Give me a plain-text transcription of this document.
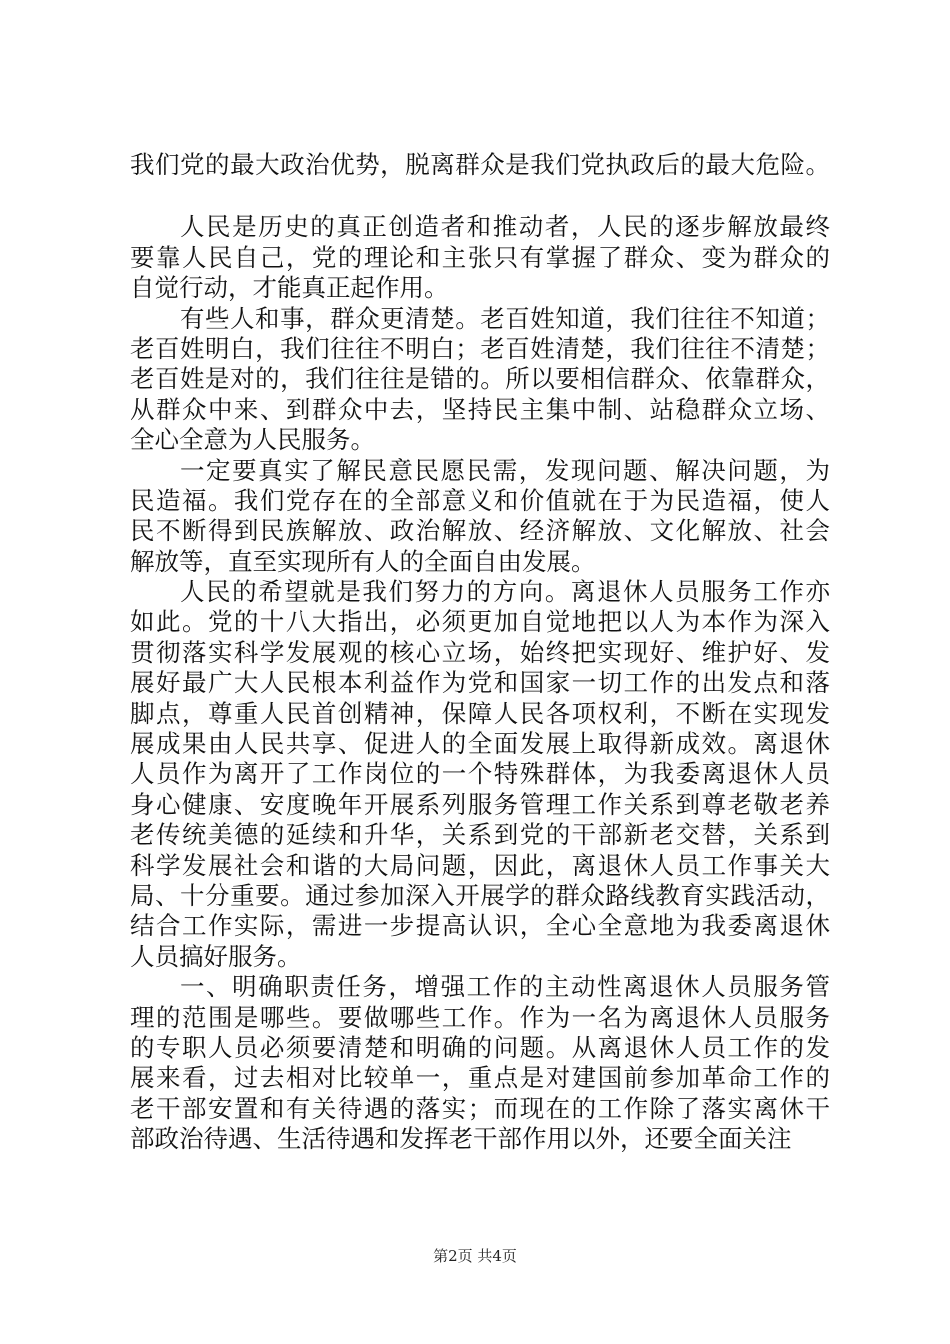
我们党的最大政治优势，脱离群众是我们党执政后的最大危险。
人民是历史的真正创造者和推动者，人民的逐步解放最终
要靠人民自己，党的理论和主张只有掌握了群众、变为群众的
自觉行动，才能真正起作用。
有些人和事，群众更清楚。老百姓知道，我们往往不知道；
老百姓明白，我们往往不明白；老百姓清楚，我们往往不清楚；
老百姓是对的，我们往往是错的。所以要相信群众、依靠群众，
从群众中来、到群众中去，坚持民主集中制、站稳群众立场、
全心全意为人民服务。
一定要真实了解民意民愿民需，发现问题、解决问题，为
民造福。我们党存在的全部意义和价值就在于为民造福，使人
民不断得到民族解放、政治解放、经济解放、文化解放、社会
解放等，直至实现所有人的全面自由发展。
人民的希望就是我们努力的方向。离退休人员服务工作亦
如此。党的十八大指出，必须更加自觉地把以人为本作为深入
贯彻落实科学发展观的核心立场，始终把实现好、维护好、发
展好最广大人民根本利益作为党和国家一切工作的出发点和落
脚点，尊重人民首创精神，保障人民各项权利，不断在实现发
展成果由人民共享、促进人的全面发展上取得新成效。离退休
人员作为离开了工作岗位的一个特殊群体，为我委离退休人员
身心健康、安度晚年开展系列服务管理工作关系到尊老敬老养
老传统美德的延续和升华，关系到党的干部新老交替，关系到
科学发展社会和谐的大局问题，因此，离退休人员工作事关大
局、十分重要。通过参加深入开展学的群众路线教育实践活动，
结合工作实际，需进一步提高认识，全心全意地为我委离退休
人员搞好服务。
一、明确职责任务，增强工作的主动性离退休人员服务管
理的范围是哪些。要做哪些工作。作为一名为离退休人员服务
的专职人员必须要清楚和明确的问题。从离退休人员工作的发
展来看，过去相对比较单一，重点是对建国前参加革命工作的
老干部安置和有关待遇的落实；而现在的工作除了落实离休干
部政治待遇、生活待遇和发挥老干部作用以外，还要全面关注
第2页 共4页
